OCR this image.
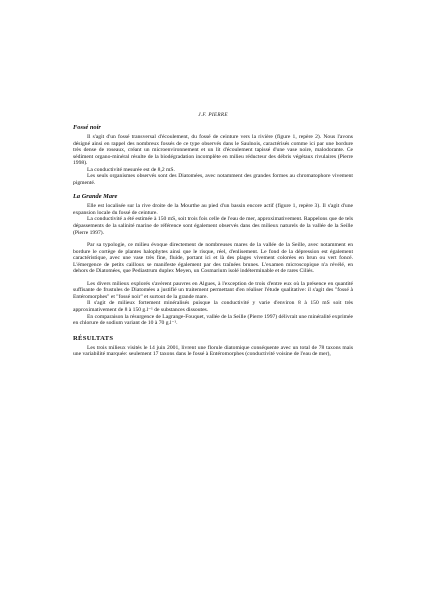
J.F. PIERRE
Fossé noir

Il s'agit d'un fossé transversal d'écoulement, du fossé de ceinture vers la rivière (figure 1, repère 2). Nous l'avons désigné ainsi en rappel des nombreux fossés de ce type observés dans le Saulnois, caractérisés comme ici par une bordure très dense de roseaux, créant un microenvironnement et un lit d'écoulement tapissé d'une vase noire, malodorante. Ce sédiment organo-minéral résulte de la biodégradation incomplète en milieu réducteur des débris végétaux rivulaires (Pierre 1998).

La conductivité mesurée est de 8,2 mS.

Les seuls organismes observés sont des Diatomées, avec notamment des grandes formes au chromatophore vivement pigmenté.

La Grande Mare

Elle est localisée sur la rive droite de la Mourthe au pied d'un bassin encore actif (figure 1, repère 3). Il s'agit d'une expansion locale du fossé de ceinture.

La conductivité a été estimée à 150 mS, soit trois fois celle de l'eau de mer, approximativement. Rappelons que de tels dépassements de la salinité marine de référence sont également observés dans des milieux naturels de la vallée de la Seille (Pierre 1997).

Par sa typologie, ce milieu évoque directement de nombreuses mares de la vallée de la Seille, avec notamment en bordure le cortège de plantes halophytes ainsi que le risque, réel, d'enlisement. Le fond de la dépression est également caractéristique, avec une vase très fine, fluide, portant ici et là des plages vivement colorées en brun ou vert foncé. L'émergence de petits cailloux se manifeste également par des traînées brunes. L'examen microscopique n'a révélé, en dehors de Diatomées, que Pediastrum duplex Meyen, un Cosmarium isolé indéterminable et de rares Ciliés.

Les divers milieux explorés s'avèrent pauvres en Algues, à l'exception de trois d'entre eux où la présence en quantité suffisante de frustules de Diatomées a justifié un traitement permettant d'en réaliser l'étude qualitative: il s'agit des "fossé à Entéromorphes" et "fossé noir" et surtout de la grande mare.

Il s'agit de milieux fortement minéralisés puisque la conductivité y varie d'environ 8 à 150 mS soit très approximativement de 8 à 150 g.l⁻¹ de substances dissoutes.

En comparaison la résurgence de Lagrange-Fouquet, vallée de la Seille (Pierre 1997) délivrait une minéralité exprimée en chlorure de sodium variant de 10 à 70 g.l⁻¹.

RÉSULTATS

Les trois milieux visités le 14 juin 2001, livrent une florule diatomique conséquente avec un total de 78 taxons mais une variabilité marquée: seulement 17 taxons dans le fossé à Entéromorphes (conductivité voisine de l'eau de mer),
